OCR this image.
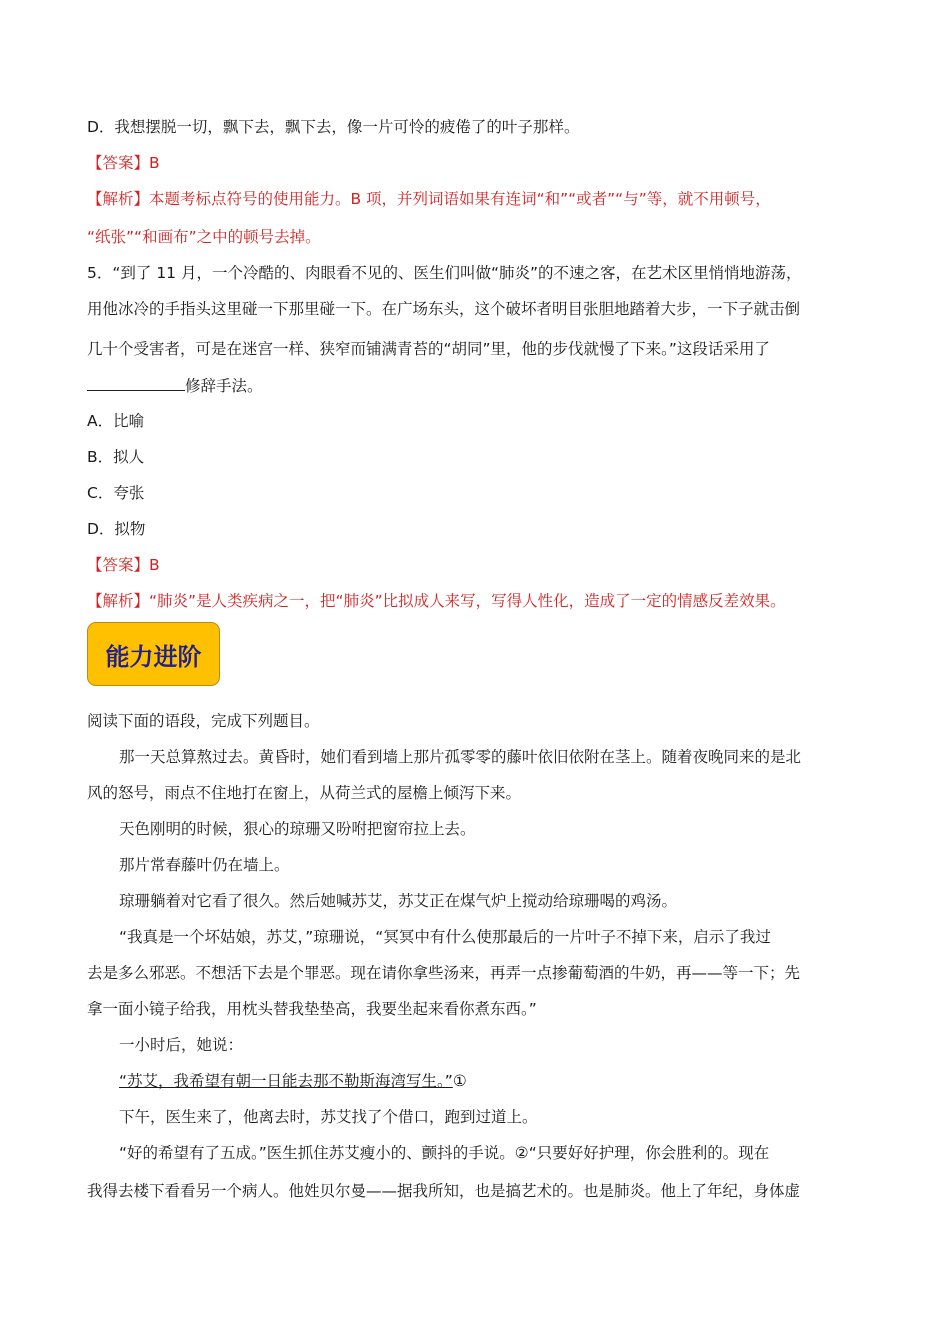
D．我想摆脱一切，飘下去，飘下去，像一片可怜的疲倦了的叶子那样。
【答案】B
【解析】本题考标点符号的使用能力。B 项，并列词语如果有连词“和”“或者”“与”等，就不用顿号，
“纸张”“和画布”之中的顿号去掉。
5．“到了 11 月，一个冷酷的、肉眼看不见的、医生们叫做“肺炎”的不速之客，在艺术区里悄悄地游荡，
用他冰冷的手指头这里碰一下那里碰一下。在广场东头，这个破坏者明目张胆地踏着大步，一下子就击倒
几十个受害者，可是在迷宫一样、狭窄而铺满青苔的“胡同”里，他的步伐就慢了下来。”这段话采用了
修辞手法。
A．比喻
B．拟人
C．夸张
D．拟物
【答案】B
【解析】“肺炎”是人类疾病之一，把“肺炎”比拟成人来写，写得人性化，造成了一定的情感反差效果。
能力进阶
阅读下面的语段，完成下列题目。
那一天总算熬过去。黄昏时，她们看到墙上那片孤零零的藤叶依旧依附在茎上。随着夜晚同来的是北
风的怒号，雨点不住地打在窗上，从荷兰式的屋檐上倾泻下来。
天色刚明的时候，狠心的琼珊又吩咐把窗帘拉上去。
那片常春藤叶仍在墙上。
琼珊躺着对它看了很久。然后她喊苏艾，苏艾正在煤气炉上搅动给琼珊喝的鸡汤。
“我真是一个坏姑娘，苏艾，”琼珊说，“冥冥中有什么使那最后的一片叶子不掉下来，启示了我过
去是多么邪恶。不想活下去是个罪恶。现在请你拿些汤来，再弄一点掺葡萄酒的牛奶，再——等一下；先
拿一面小镜子给我，用枕头替我垫垫高，我要坐起来看你煮东西。”
一小时后，她说：
“苏艾，我希望有朝一日能去那不勒斯海湾写生。”①
下午，医生来了，他离去时，苏艾找了个借口，跑到过道上。
“好的希望有了五成。”医生抓住苏艾瘦小的、颤抖的手说。②“只要好好护理，你会胜利的。现在
我得去楼下看看另一个病人。他姓贝尔曼——据我所知，也是搞艺术的。也是肺炎。他上了年纪，身体虚
